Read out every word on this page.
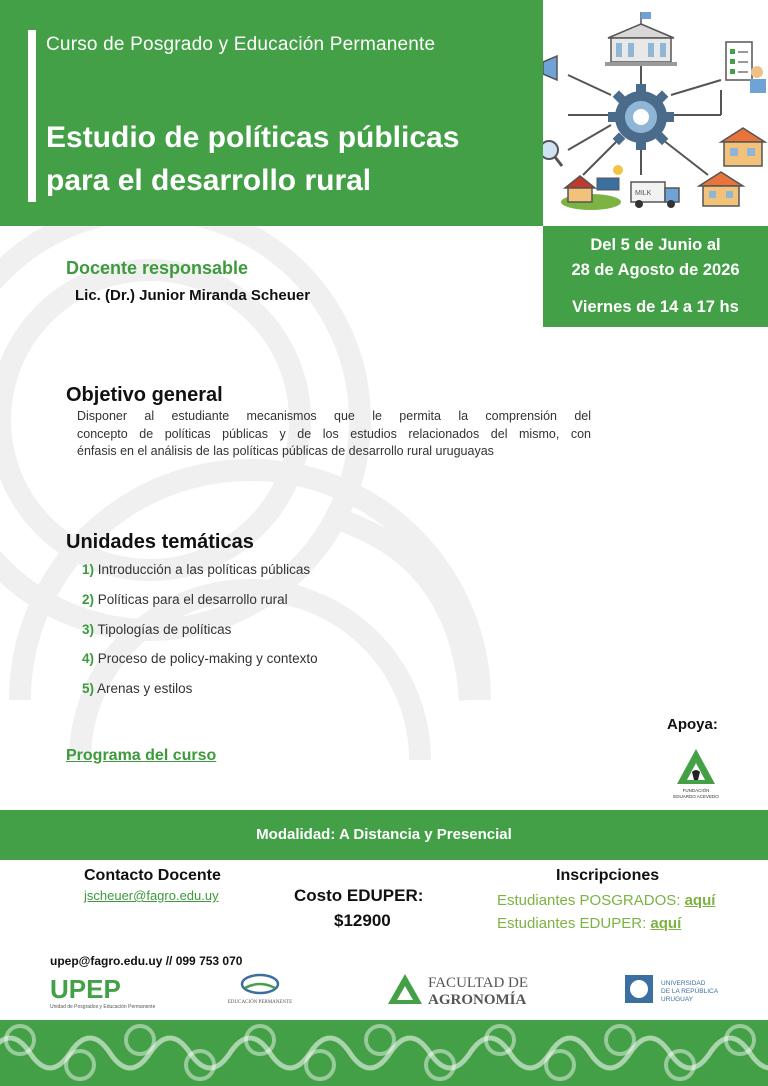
Curso de Posgrado y Educación Permanente
Estudio de políticas públicas
para el desarrollo rural	MILK
Del 5 de Junio al
28 de Agosto de 2026
Viernes de 14 a 17 hs
Docente responsable
Lic. (Dr.) Junior Miranda Scheuer
Objetivo general
Disponer al estudiante mecanismos que le permita la comprensión del
concepto de políticas públicas y de los estudios relacionados del mismo, con
énfasis en el análisis de las políticas públicas de desarrollo rural uruguayas
Unidades temáticas
1) Introducción a las políticas públicas
2) Políticas para el desarrollo rural
3) Tipologías de políticas
4) Proceso de policy-making y contexto
5) Arenas y estilos
Programa del curso
Apoya:
FUNDACIÓN
EDUARDO ACEVEDO
Modalidad: A Distancia y Presencial
Contacto Docente
jscheuer@fagro.edu.uy	Costo EDUPER:
$12900
Inscripciones
Estudiantes POSGRADOS: aquí
Estudiantes EDUPER: aquí
upep@fagro.edu.uy // 099 753 070
UPEP
Unidad de Posgrados y Educación Permanente
EDUCACIÓN PERMANENTE
FACULTAD DE
AGRONOMÍA
UNIVERSIDAD
DE LA REPÚBLICA
URUGUAY
